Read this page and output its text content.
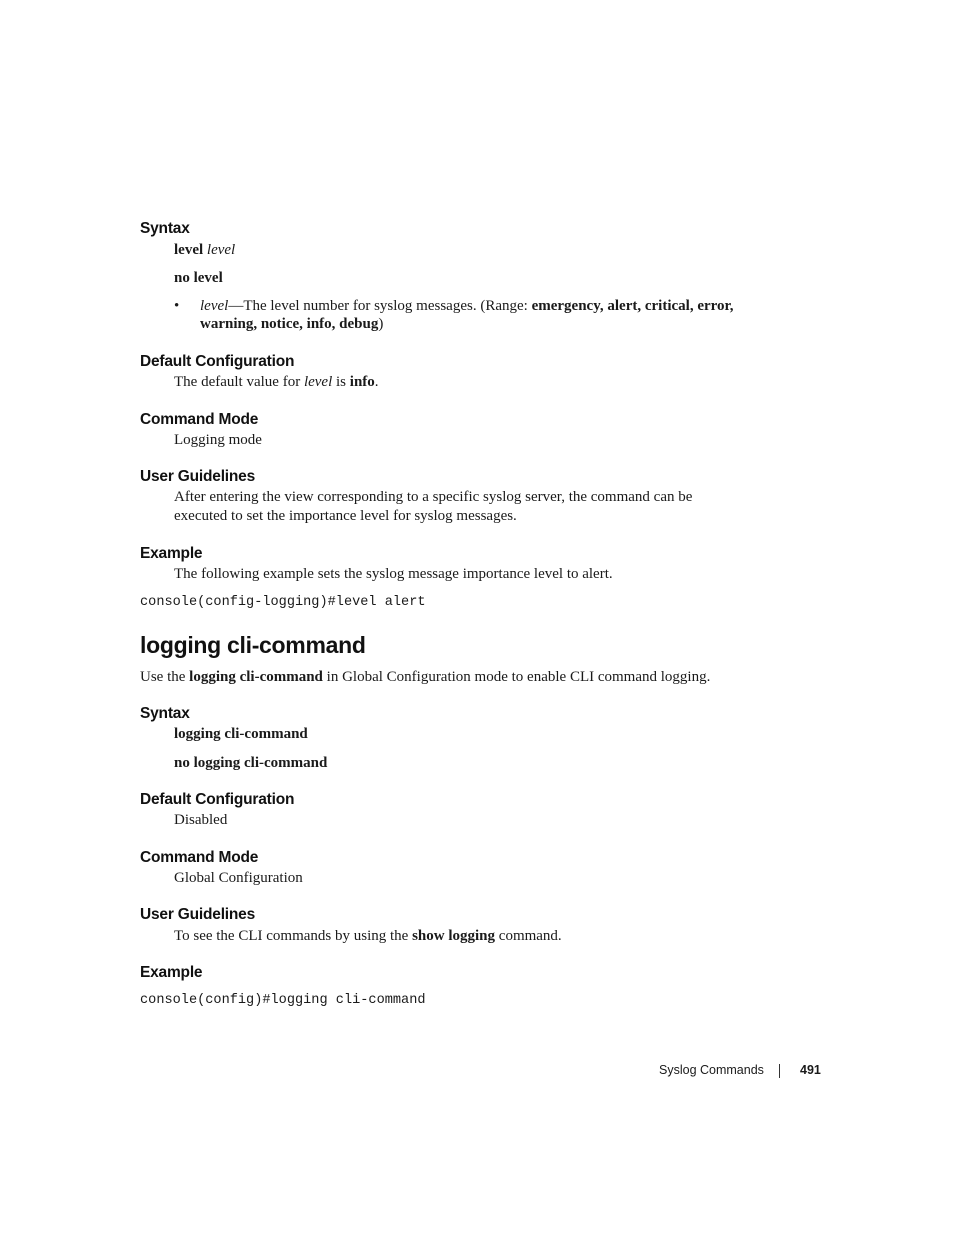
Syntax
level level
no level
• level—The level number for syslog messages. (Range: emergency, alert, critical, error,
warning, notice, info, debug)
Default Configuration
The default value for level is info.
Command Mode
Logging mode
User Guidelines
After entering the view corresponding to a specific syslog server, the command can be
executed to set the importance level for syslog messages.
Example
The following example sets the syslog message importance level to alert.
console(config-logging)#level alert
logging cli-command
Use the logging cli-command in Global Configuration mode to enable CLI command logging.
Syntax
logging cli-command
no logging cli-command
Default Configuration
Disabled
Command Mode
Global Configuration
User Guidelines
To see the CLI commands by using the show logging command.
Example
console(config)#logging cli-command
Syslog Commands	491
